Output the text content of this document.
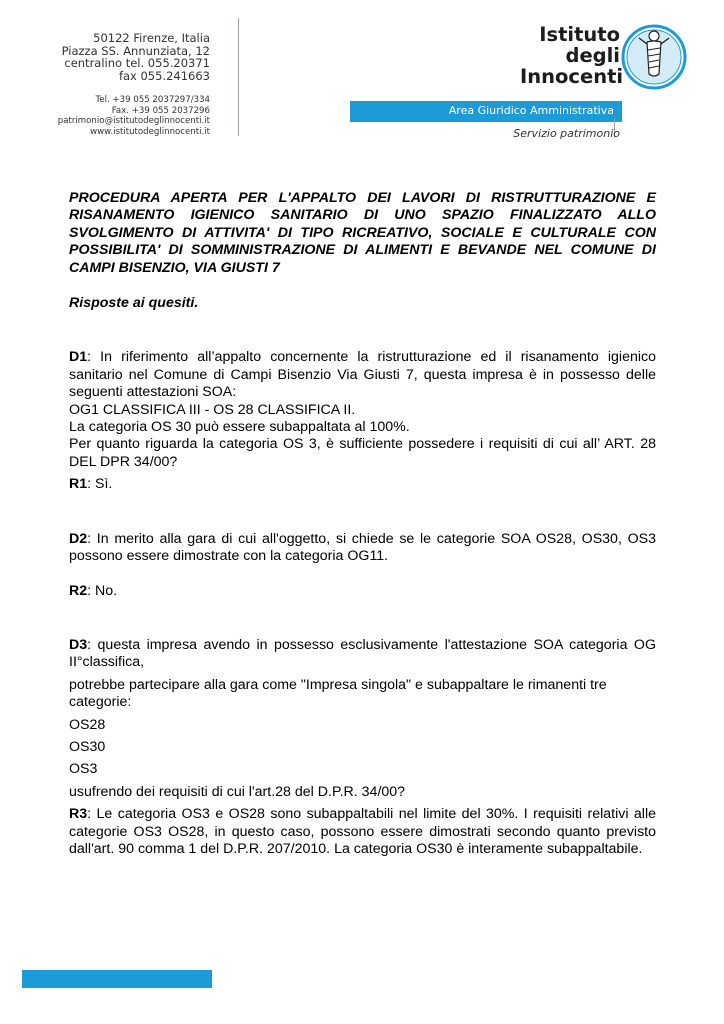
50122 Firenze, Italia
Piazza SS. Annunziata, 12
centralino tel. 055.20371
fax 055.241663
Tel. +39 055 2037297/334
Fax. +39 055 2037296
patrimonio@istitutodeglinnocenti.it
www.istitutodeglinnocenti.it
Istituto
degli
Innocenti
Area Giuridico Amministrativa
Servizio patrimonio

PROCEDURA APERTA PER L'APPALTO DEI LAVORI DI RISTRUTTURAZIONE E RISANAMENTO IGIENICO SANITARIO DI UNO SPAZIO FINALIZZATO ALLO SVOLGIMENTO DI ATTIVITA' DI TIPO RICREATIVO, SOCIALE E CULTURALE CON POSSIBILITA' DI SOMMINISTRAZIONE DI ALIMENTI E BEVANDE NEL COMUNE DI CAMPI BISENZIO, VIA GIUSTI 7

Risposte ai quesiti.

D1: In riferimento all’appalto concernente la ristrutturazione ed il risanamento igienico sanitario nel Comune di Campi Bisenzio Via Giusti 7, questa impresa è in possesso delle seguenti attestazioni SOA:

OG1 CLASSIFICA III - OS 28 CLASSIFICA II.

La categoria OS 30 può essere subappaltata al 100%.

Per quanto riguarda la categoria OS 3, è sufficiente possedere i requisiti di cui all’ ART. 28 DEL DPR 34/00?

R1: Sì.

D2: In merito alla gara di cui all'oggetto, si chiede se le categorie SOA OS28, OS30, OS3 possono essere dimostrate con la categoria OG11.

R2: No.

D3: questa impresa avendo in possesso esclusivamente l'attestazione SOA categoria OG II°classifica,

potrebbe partecipare alla gara come "Impresa singola" e subappaltare le rimanenti tre categorie:

OS28

OS30

OS3

usufrendo dei requisiti di cui l'art.28 del D.P.R. 34/00?

R3: Le categoria OS3 e OS28 sono subappaltabili nel limite del 30%. I requisiti relativi alle categorie OS3 OS28, in questo caso, possono essere dimostrati secondo quanto previsto dall'art. 90 comma 1 del D.P.R. 207/2010. La categoria OS30 è interamente subappaltabile.
